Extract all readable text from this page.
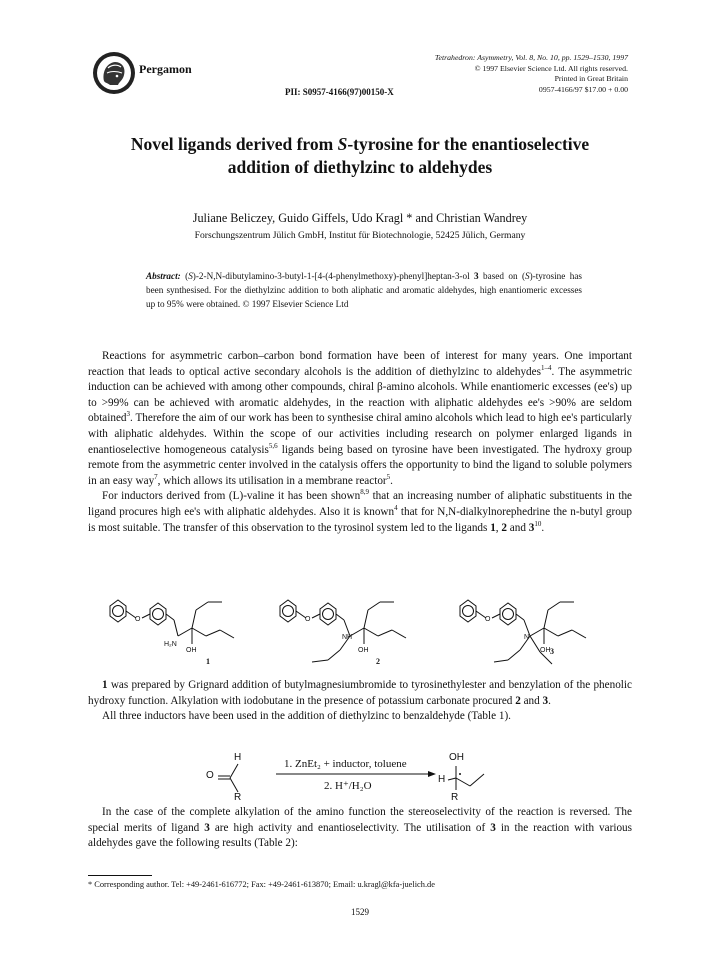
Pergamon
Tetrahedron: Asymmetry, Vol. 8, No. 10, pp. 1529–1530, 1997
© 1997 Elsevier Science Ltd. All rights reserved.
Printed in Great Britain
0957-4166/97 $17.00 + 0.00
PII: S0957-4166(97)00150-X
Novel ligands derived from S-tyrosine for the enantioselective
addition of diethylzinc to aldehydes
Juliane Beliczey, Guido Giffels, Udo Kragl * and Christian Wandrey
Forschungszentrum Jülich GmbH, Institut für Biotechnologie, 52425 Jülich, Germany
Abstract: (S)-2-N,N-dibutylamino-3-butyl-1-[4-(4-phenylmethoxy)-phenyl]heptan-3-ol 3 based on (S)-tyrosine has been synthesised. For the diethylzinc addition to both aliphatic and aromatic aldehydes, high enantiomeric excesses up to 95% were obtained. © 1997 Elsevier Science Ltd

Reactions for asymmetric carbon–carbon bond formation have been of interest for many years. One important reaction that leads to optical active secondary alcohols is the addition of diethylzinc to aldehydes$^{1-4}$. The asymmetric induction can be achieved with among other compounds, chiral β-amino alcohols. While enantiomeric excesses (ee's) up to >99% can be achieved with aromatic aldehydes, in the reaction with aliphatic aldehydes ee's >90% are seldom obtained$^3$. Therefore the aim of our work has been to synthesise chiral amino alcohols which lead to high ee's particularly with aliphatic aldehydes. Within the scope of our activities including research on polymer enlarged ligands in enantioselective homogeneous catalysis$^{5,6}$ ligands being based on tyrosine have been investigated. The hydroxy group remote from the asymmetric center involved in the catalysis offers the opportunity to bind the ligand to soluble polymers in an easy way$^7$, which allows its utilisation in a membrane reactor$^5$.

For inductors derived from (L)-valine it has been shown$^{8,9}$ that an increasing number of aliphatic substituents in the ligand procures high ee's with aliphatic aldehydes. Also it is known$^4$ that for N,N-dialkylnorephedrine the n-butyl group is most suitable. The transfer of this observation to the tyrosinol system led to the ligands 1, 2 and $3^{10}$.

O	O	O
H₂N
OH
NH
OH
N
OH
1	2
3

1 was prepared by Grignard addition of butylmagnesiumbromide to tyrosinethylester and benzylation of the phenolic hydroxy function. Alkylation with iodobutane in the presence of potassium carbonate procured 2 and 3.

All three inductors have been used in the addition of diethylzinc to benzaldehyde (Table 1).

H
O
R
1. ZnEt₂ + inductor, toluene
2. H⁺/H₂O
OH
H
R

In the case of the complete alkylation of the amino function the stereoselectivity of the reaction is reversed. The special merits of ligand 3 are high activity and enantioselectivity. The utilisation of 3 in the reaction with various aldehydes gave the following results (Table 2):

* Corresponding author. Tel: +49-2461-616772; Fax: +49-2461-613870; Email: u.kragl@kfa-juelich.de
1529
